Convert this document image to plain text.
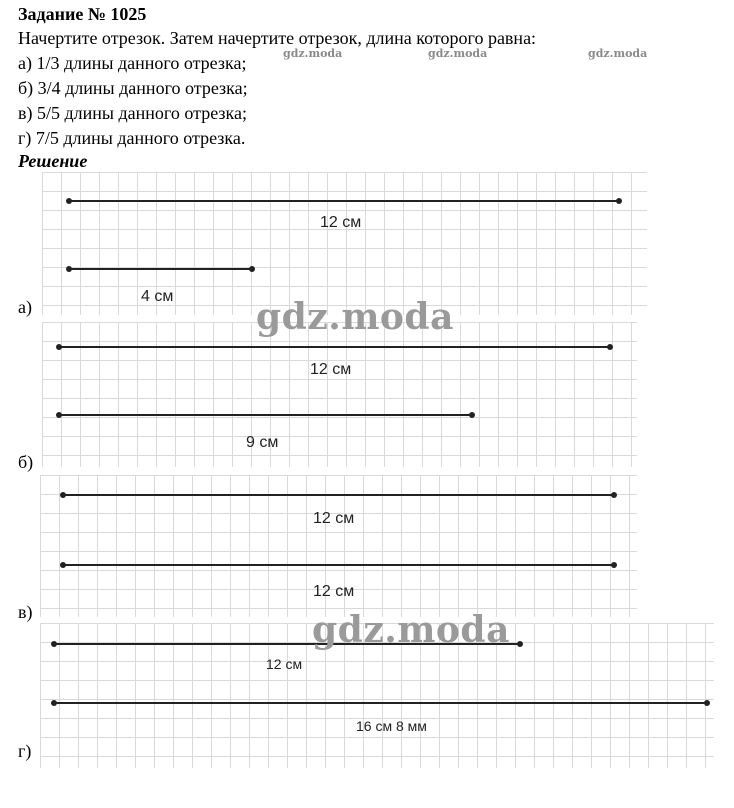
Задание № 1025
Начертите отрезок. Затем начертите отрезок, длина которого равна:
а) 1/3 длины данного отрезка;
б) 3/4 длины данного отрезка;
в) 5/5 длины данного отрезка;
г) 7/5 длины данного отрезка.
Решение
gdz.moda	gdz.moda	gdz.moda
12 см
4 см
а)
12 см
9 см
б)
12 см
12 см
в)
12 см
16 см 8 мм
г)
gdz.moda
gdz.moda
